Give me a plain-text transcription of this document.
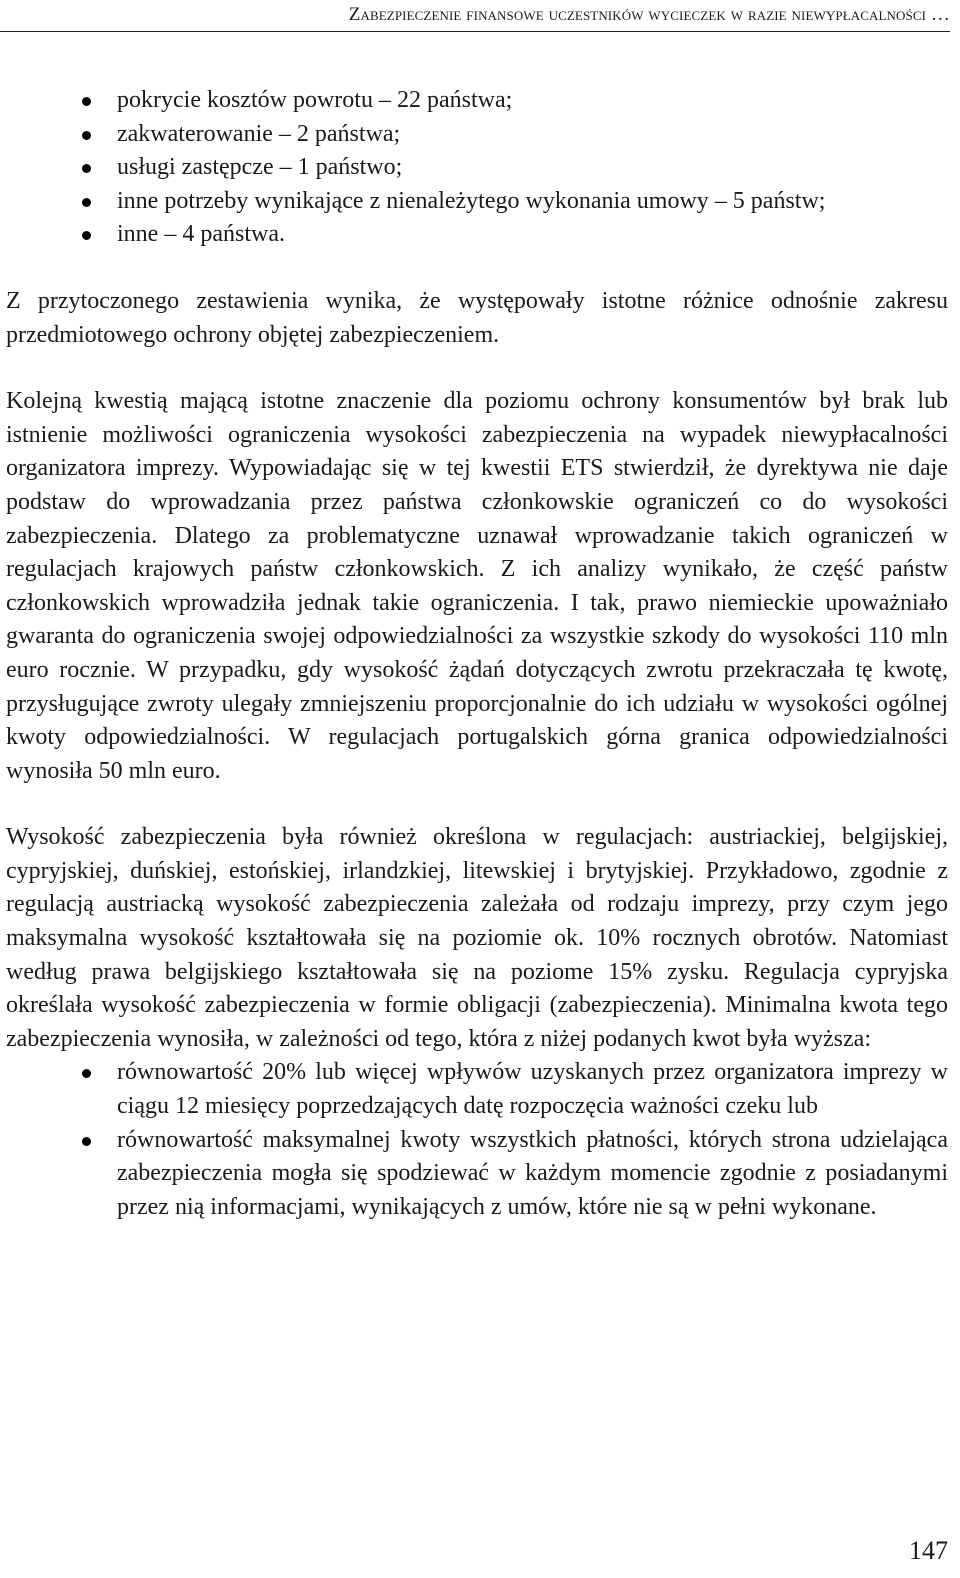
Zabezpieczenie finansowe uczestników wycieczek w razie niewypłacalności …
pokrycie kosztów powrotu – 22 państwa;
zakwaterowanie – 2 państwa;
usługi zastępcze – 1 państwo;
inne potrzeby wynikające z nienależytego wykonania umowy – 5 państw;
inne – 4 państwa.

Z przytoczonego zestawienia wynika, że występowały istotne różnice odnośnie zakresu przedmiotowego ochrony objętej zabezpieczeniem.

Kolejną kwestią mającą istotne znaczenie dla poziomu ochrony konsumentów był brak lub istnienie możliwości ograniczenia wysokości zabezpieczenia na wypadek niewypłacalności organizatora imprezy. Wypowiadając się w tej kwestii ETS stwierdził, że dyrektywa nie daje podstaw do wprowadzania przez państwa członkowskie ograniczeń co do wysokości zabezpieczenia. Dlatego za problematyczne uznawał wprowadzanie takich ograniczeń w regulacjach krajowych państw członkowskich. Z ich analizy wynikało, że część państw członkowskich wprowadziła jednak takie ograniczenia. I tak, prawo niemieckie upoważniało gwaranta do ograniczenia swojej odpowiedzialności za wszystkie szkody do wysokości 110 mln euro rocznie. W przypadku, gdy wysokość żądań dotyczących zwrotu przekraczała tę kwotę, przysługujące zwroty ulegały zmniejszeniu proporcjonalnie do ich udziału w wysokości ogólnej kwoty odpowiedzialności. W regulacjach portugalskich górna granica odpowiedzialności wynosiła 50 mln euro.

Wysokość zabezpieczenia była również określona w regulacjach: austriackiej, belgijskiej, cypryjskiej, duńskiej, estońskiej, irlandzkiej, litewskiej i brytyjskiej. Przykładowo, zgodnie z regulacją austriacką wysokość zabezpieczenia zależała od rodzaju imprezy, przy czym jego maksymalna wysokość kształtowała się na poziomie ok. 10% rocznych obrotów. Natomiast według prawa belgijskiego kształtowała się na poziome 15% zysku. Regulacja cypryjska określała wysokość zabezpieczenia w formie obligacji (zabezpieczenia). Minimalna kwota tego zabezpieczenia wynosiła, w zależności od tego, która z niżej podanych kwot była wyższa:

równowartość 20% lub więcej wpływów uzyskanych przez organizatora imprezy w ciągu 12 miesięcy poprzedzających datę rozpoczęcia ważności czeku lub
równowartość maksymalnej kwoty wszystkich płatności, których strona udzielająca zabezpieczenia mogła się spodziewać w każdym momencie zgodnie z posiadanymi przez nią informacjami, wynikających z umów, które nie są w pełni wykonane.
147
